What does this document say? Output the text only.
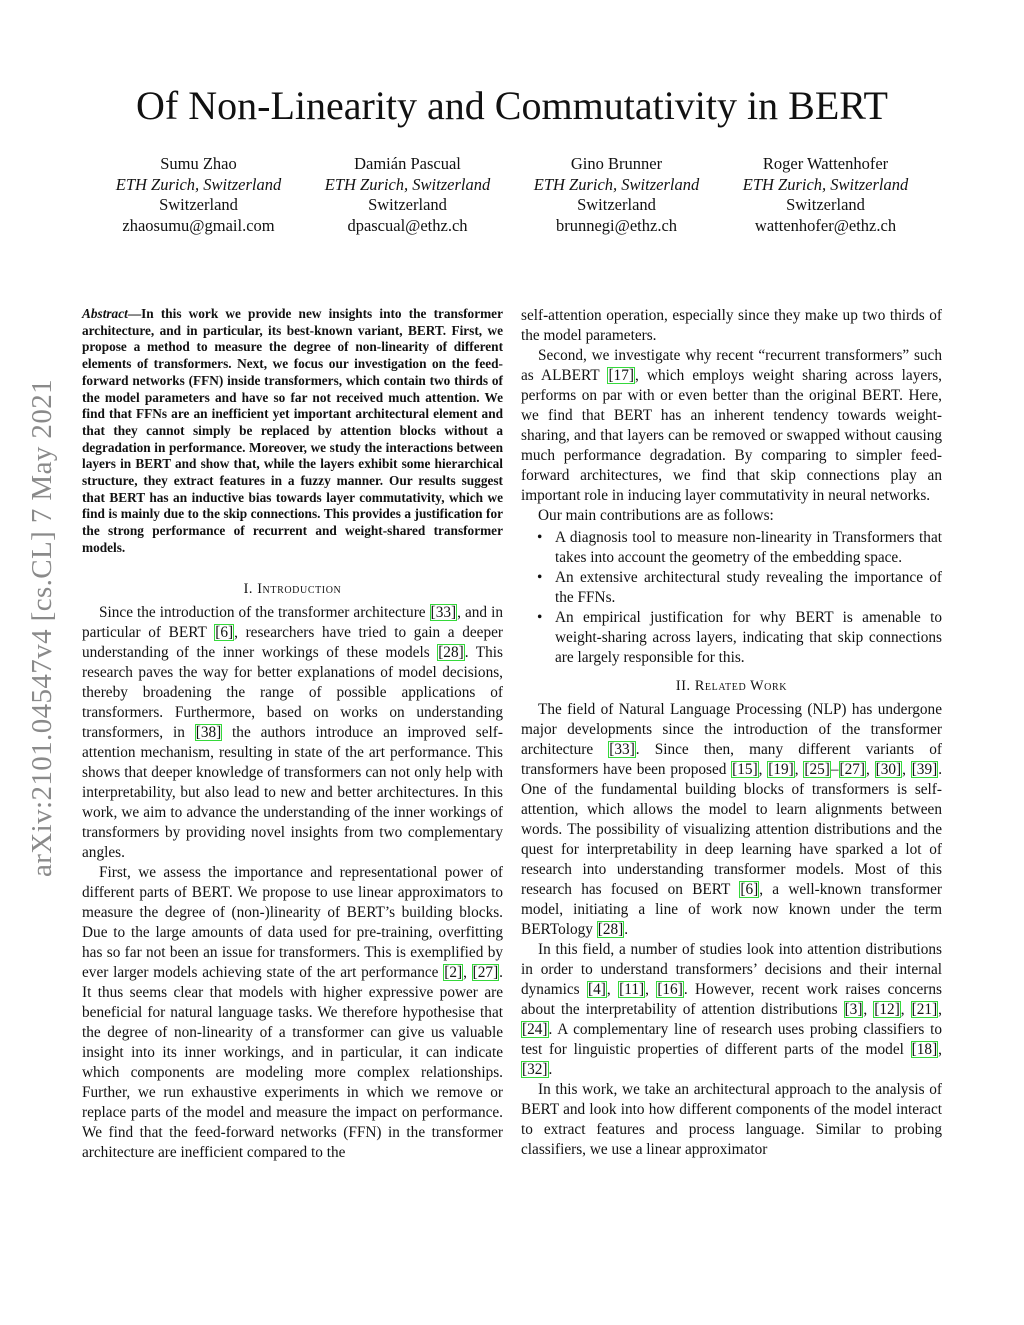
arXiv:2101.04547v4 [cs.CL] 7 May 2021
Of Non-Linearity and Commutativity in BERT
Sumu Zhao
ETH Zurich, Switzerland
Switzerland
zhaosumu@gmail.com
Damián Pascual
ETH Zurich, Switzerland
Switzerland
dpascual@ethz.ch
Gino Brunner
ETH Zurich, Switzerland
Switzerland
brunnegi@ethz.ch
Roger Wattenhofer
ETH Zurich, Switzerland
Switzerland
wattenhofer@ethz.ch
Abstract—In this work we provide new insights into the transformer architecture, and in particular, its best-known variant, BERT. First, we propose a method to measure the degree of non-linearity of different elements of transformers. Next, we focus our investigation on the feed-forward networks (FFN) inside transformers, which contain two thirds of the model parameters and have so far not received much attention. We find that FFNs are an inefficient yet important architectural element and that they cannot simply be replaced by attention blocks without a degradation in performance. Moreover, we study the interactions between layers in BERT and show that, while the layers exhibit some hierarchical structure, they extract features in a fuzzy manner. Our results suggest that BERT has an inductive bias towards layer commutativity, which we find is mainly due to the skip connections. This provides a justification for the strong performance of recurrent and weight-shared transformer models.
I. Introduction

Since the introduction of the transformer architecture [33], and in particular of BERT [6], researchers have tried to gain a deeper understanding of the inner workings of these models [28]. This research paves the way for better explanations of model decisions, thereby broadening the range of possible applications of transformers. Furthermore, based on works on understanding transformers, in [38] the authors introduce an improved self-attention mechanism, resulting in state of the art performance. This shows that deeper knowledge of transformers can not only help with interpretability, but also lead to new and better architectures. In this work, we aim to advance the understanding of the inner workings of transformers by providing novel insights from two complementary angles.

First, we assess the importance and representational power of different parts of BERT. We propose to use linear approximators to measure the degree of (non-)linearity of BERT’s building blocks. Due to the large amounts of data used for pre-training, overfitting has so far not been an issue for transformers. This is exemplified by ever larger models achieving state of the art performance [2], [27]. It thus seems clear that models with higher expressive power are beneficial for natural language tasks. We therefore hypothesise that the degree of non-linearity of a transformer can give us valuable insight into its inner workings, and in particular, it can indicate which components are modeling more complex relationships. Further, we run exhaustive experiments in which we remove or replace parts of the model and measure the impact on performance. We find that the feed-forward networks (FFN) in the transformer architecture are inefficient compared to the

self-attention operation, especially since they make up two thirds of the model parameters.

Second, we investigate why recent “recurrent transformers” such as ALBERT [17], which employs weight sharing across layers, performs on par with or even better than the original BERT. Here, we find that BERT has an inherent tendency towards weight-sharing, and that layers can be removed or swapped without causing much performance degradation. By comparing to simpler feed-forward architectures, we find that skip connections play an important role in inducing layer commutativity in neural networks.

Our main contributions are as follows:

• A diagnosis tool to measure non-linearity in Transformers that takes into account the geometry of the embedding space.
• An extensive architectural study revealing the importance of the FFNs.
• An empirical justification for why BERT is amenable to weight-sharing across layers, indicating that skip connections are largely responsible for this.
II. Related Work

The field of Natural Language Processing (NLP) has undergone major developments since the introduction of the transformer architecture [33]. Since then, many different variants of transformers have been proposed [15], [19], [25]–[27], [30], [39]. One of the fundamental building blocks of transformers is self-attention, which allows the model to learn alignments between words. The possibility of visualizing attention distributions and the quest for interpretability in deep learning have sparked a lot of research into understanding transformer models. Most of this research has focused on BERT [6], a well-known transformer model, initiating a line of work now known under the term BERTology [28].

In this field, a number of studies look into attention distributions in order to understand transformers’ decisions and their internal dynamics [4], [11], [16]. However, recent work raises concerns about the interpretability of attention distributions [3], [12], [21], [24]. A complementary line of research uses probing classifiers to test for linguistic properties of different parts of the model [18], [32].

In this work, we take an architectural approach to the analysis of BERT and look into how different components of the model interact to extract features and process language. Similar to probing classifiers, we use a linear approximator
